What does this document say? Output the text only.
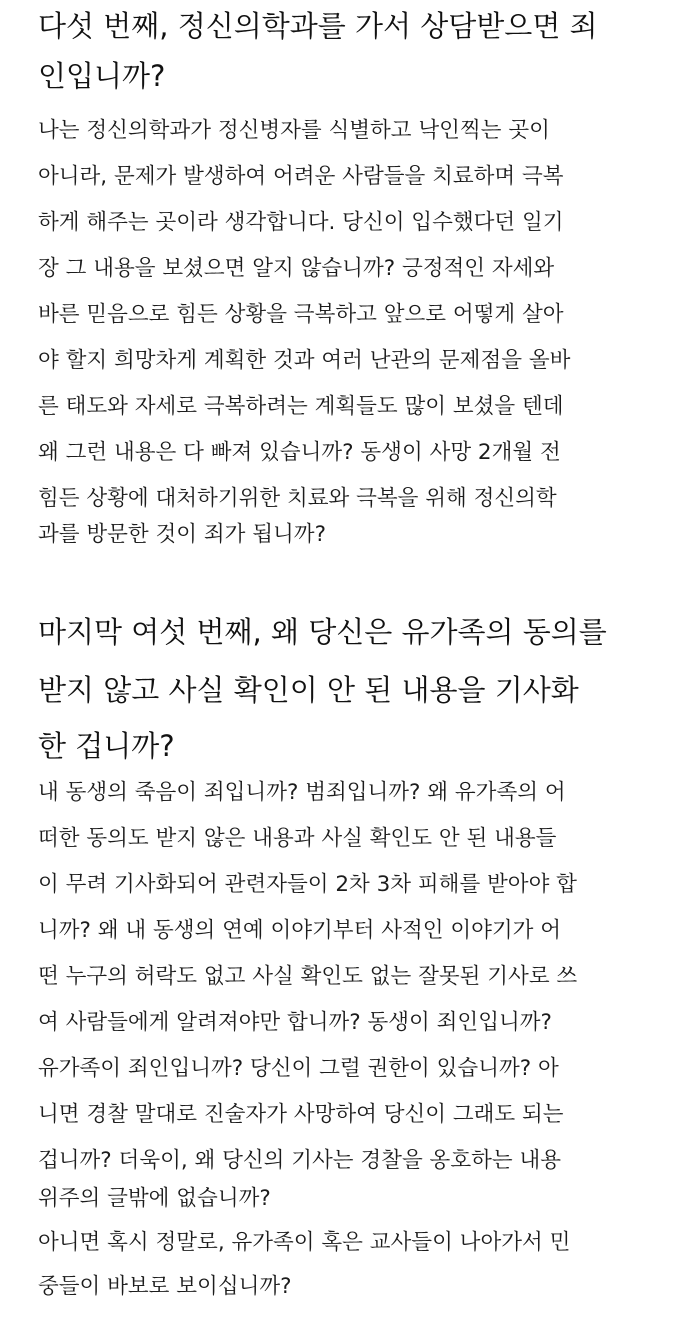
다섯 번째, 정신의학과를 가서 상담받으면 죄
인입니까?
나는 정신의학과가 정신병자를 식별하고 낙인찍는 곳이
아니라, 문제가 발생하여 어려운 사람들을 치료하며 극복
하게 해주는 곳이라 생각합니다. 당신이 입수했다던 일기
장 그 내용을 보셨으면 알지 않습니까? 긍정적인 자세와
바른 믿음으로 힘든 상황을 극복하고 앞으로 어떻게 살아
야 할지 희망차게 계획한 것과 여러 난관의 문제점을 올바
른 태도와 자세로 극복하려는 계획들도 많이 보셨을 텐데
왜 그런 내용은 다 빠져 있습니까? 동생이 사망 2개월 전
힘든 상황에 대처하기위한 치료와 극복을 위해 정신의학
과를 방문한 것이 죄가 됩니까?
마지막 여섯 번째, 왜 당신은 유가족의 동의를
받지 않고 사실 확인이 안 된 내용을 기사화
한 겁니까?
내 동생의 죽음이 죄입니까? 범죄입니까? 왜 유가족의 어
떠한 동의도 받지 않은 내용과 사실 확인도 안 된 내용들
이 무려 기사화되어 관련자들이 2차 3차 피해를 받아야 합
니까? 왜 내 동생의 연예 이야기부터 사적인 이야기가 어
떤 누구의 허락도 없고 사실 확인도 없는 잘못된 기사로 쓰
여 사람들에게 알려져야만 합니까? 동생이 죄인입니까?
유가족이 죄인입니까? 당신이 그럴 권한이 있습니까? 아
니면 경찰 말대로 진술자가 사망하여 당신이 그래도 되는
겁니까? 더욱이, 왜 당신의 기사는 경찰을 옹호하는 내용
위주의 글밖에 없습니까?
아니면 혹시 정말로, 유가족이 혹은 교사들이 나아가서 민
중들이 바보로 보이십니까?
